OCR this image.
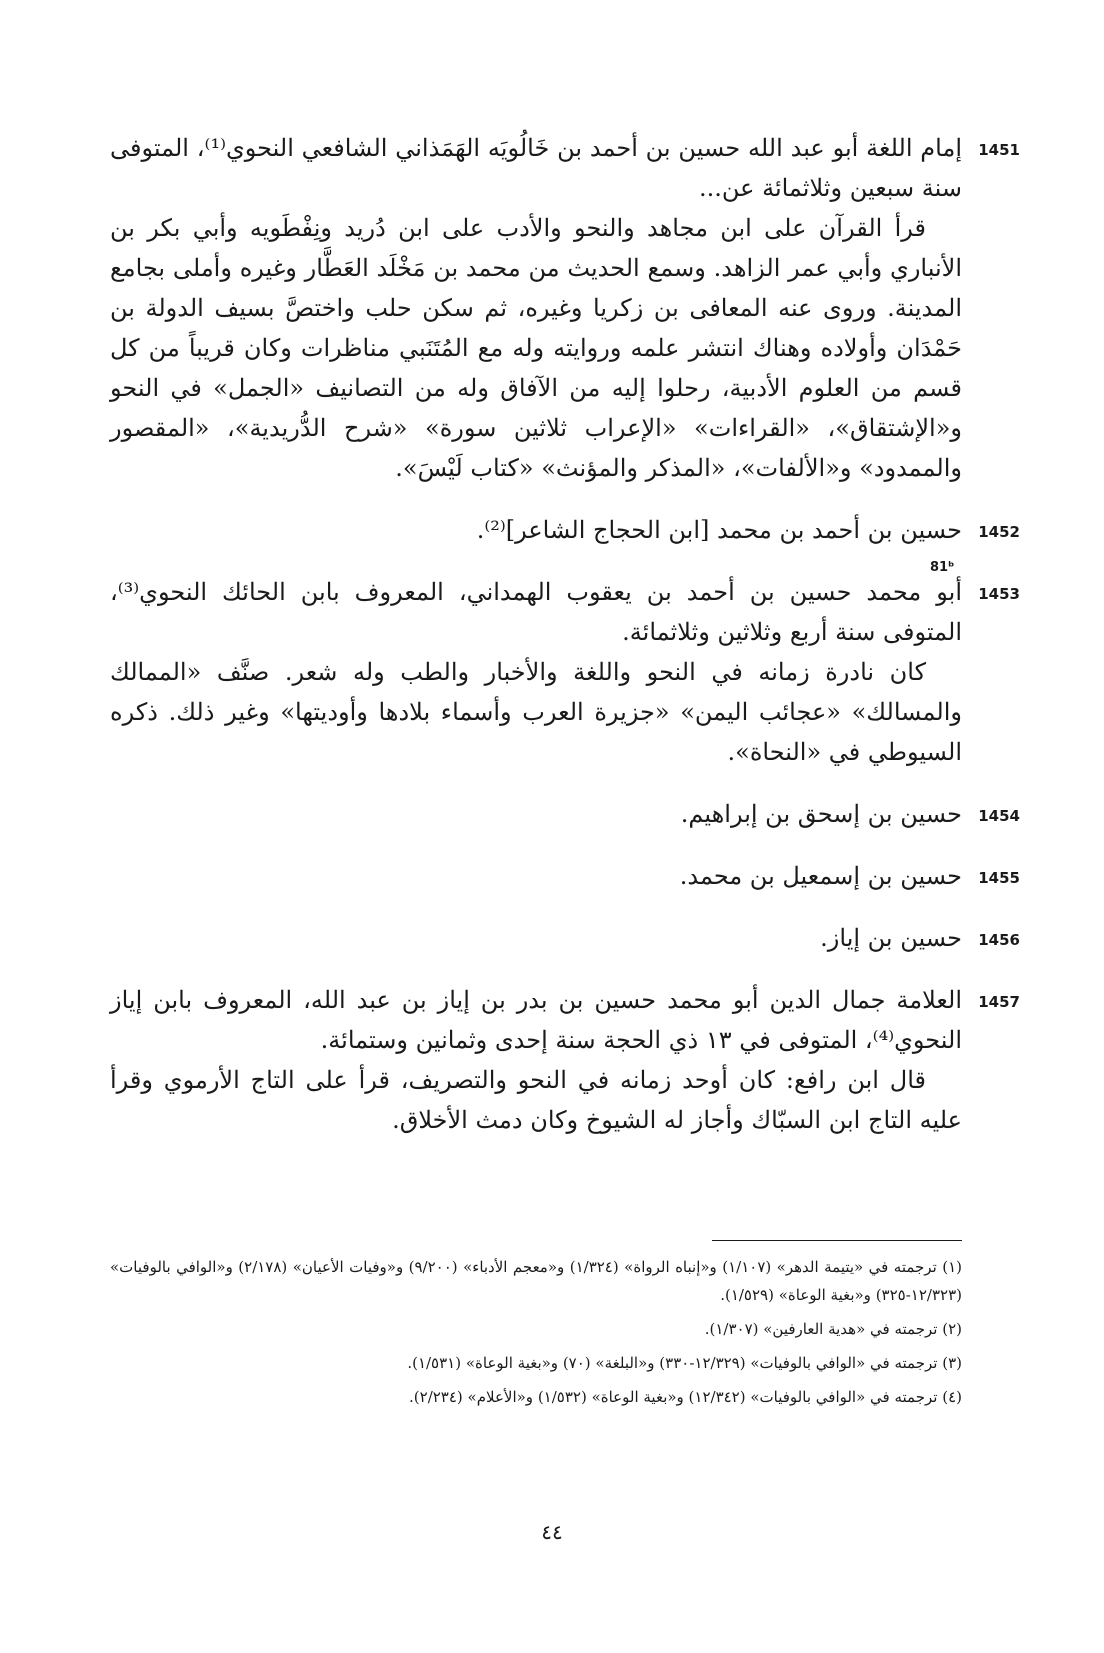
1451

إمام اللغة أبو عبد الله حسين بن أحمد بن خَالُويَه الهَمَذاني الشافعي النحوي⁽¹⁾، المتوفى سنة سبعين وثلاثمائة عن...

قرأ القرآن على ابن مجاهد والنحو والأدب على ابن دُريد ونِفْطَويه وأبي بكر بن الأنباري وأبي عمر الزاهد. وسمع الحديث من محمد بن مَخْلَد العَطَّار وغيره وأملى بجامع المدينة. وروى عنه المعافى بن زكريا وغيره، ثم سكن حلب واختصَّ بسيف الدولة بن حَمْدَان وأولاده وهناك انتشر علمه وروايته وله مع المُتَنَبي مناظرات وكان قريباً من كل قسم من العلوم الأدبية، رحلوا إليه من الآفاق وله من التصانيف «الجمل» في النحو و«الإشتقاق»، «القراءات» «الإعراب ثلاثين سورة» «شرح الدُّريدية»، «المقصور والممدود» و«الألفات»، «المذكر والمؤنث» «كتاب لَيْسَ».

1452

حسين بن أحمد بن محمد [ابن الحجاج الشاعر]⁽²⁾.

1453

أبو محمد حسين بن أحمد بن يعقوب الهمداني، المعروف بابن الحائك النحوي⁽³⁾، المتوفى سنة أربع وثلاثين وثلاثمائة.

كان نادرة زمانه في النحو واللغة والأخبار والطب وله شعر. صنَّف «الممالك والمسالك» «عجائب اليمن» «جزيرة العرب وأسماء بلادها وأوديتها» وغير ذلك. ذكره السيوطي في «النحاة».

1454

حسين بن إسحق بن إبراهيم.

1455

حسين بن إسمعيل بن محمد.

1456

حسين بن إياز.

1457

العلامة جمال الدين أبو محمد حسين بن بدر بن إياز بن عبد الله، المعروف بابن إياز النحوي⁽⁴⁾، المتوفى في ١٣ ذي الحجة سنة إحدى وثمانين وستمائة.

قال ابن رافع: كان أوحد زمانه في النحو والتصريف، قرأ على التاج الأرموي وقرأ عليه التاج ابن السبّاك وأجاز له الشيوخ وكان دمث الأخلاق.

81ᵇ

(١) ترجمته في «يتيمة الدهر» (١/١٠٧) و«إنباه الرواة» (١/٣٢٤) و«معجم الأدباء» (٩/٢٠٠) و«وفيات الأعيان» (٢/١٧٨) و«الوافي بالوفيات» (١٢/٣٢٣-٣٢٥) و«بغية الوعاة» (١/٥٢٩).

(٢) ترجمته في «هدية العارفين» (١/٣٠٧).

(٣) ترجمته في «الوافي بالوفيات» (١٢/٣٢٩-٣٣٠) و«البلغة» (٧٠) و«بغية الوعاة» (١/٥٣١).

(٤) ترجمته في «الوافي بالوفيات» (١٢/٣٤٢) و«بغية الوعاة» (١/٥٣٢) و«الأعلام» (٢/٢٣٤).

٤٤
